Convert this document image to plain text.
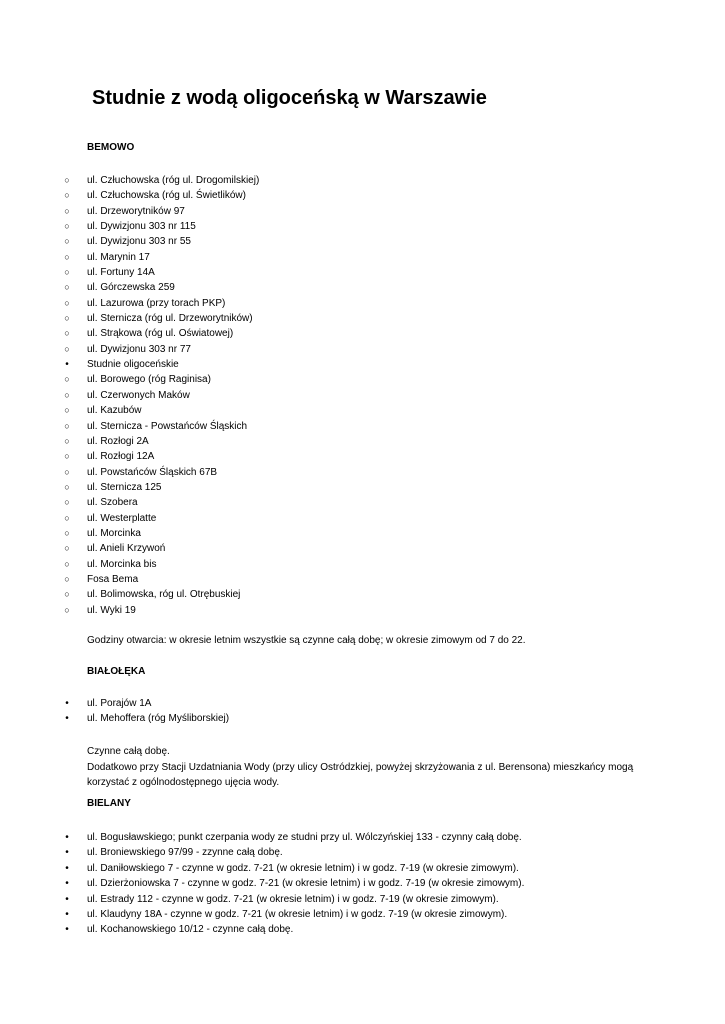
Studnie z wodą oligoceńską w Warszawie
BEMOWO
○ ul. Człuchowska (róg ul. Drogomilskiej)
○ ul. Człuchowska (róg ul. Świetlików)
○ ul. Drzeworytników 97
○ ul. Dywizjonu 303 nr 115
○ ul. Dywizjonu 303 nr 55
○ ul. Marynin 17
○ ul. Fortuny 14A
○ ul. Górczewska 259
○ ul. Lazurowa (przy torach PKP)
○ ul. Sternicza (róg ul. Drzeworytników)
○ ul. Strąkowa (róg ul. Oświatowej)
○ ul. Dywizjonu 303 nr 77
• Studnie oligoceńskie
○ ul. Borowego (róg Raginisa)
○ ul. Czerwonych Maków
○ ul. Kazubów
○ ul. Sternicza - Powstańców Śląskich
○ ul. Rozłogi 2A
○ ul. Rozłogi 12A
○ ul. Powstańców Śląskich 67B
○ ul. Sternicza 125
○ ul. Szobera
○ ul. Westerplatte
○ ul. Morcinka
○ ul. Anieli Krzywoń
○ ul. Morcinka bis
○ Fosa Bema
○ ul. Bolimowska, róg ul. Otrębuskiej
○ ul. Wyki 19
Godziny otwarcia: w okresie letnim wszystkie są czynne całą dobę; w okresie zimowym od 7 do 22.
BIAŁOŁĘKA
• ul. Porajów 1A
• ul. Mehoffera (róg Myśliborskiej)
Czynne całą dobę.
Dodatkowo przy Stacji Uzdatniania Wody (przy ulicy Ostródzkiej, powyżej skrzyżowania z ul. Berensona) mieszkańcy mogą
korzystać z ogólnodostępnego ujęcia wody.
BIELANY
• ul. Bogusławskiego; punkt czerpania wody ze studni przy ul. Wólczyńskiej 133 - czynny całą dobę.
• ul. Broniewskiego 97/99 - zzynne całą dobę.
• ul. Daniłowskiego 7 - czynne w godz. 7-21 (w okresie letnim) i w godz. 7-19 (w okresie zimowym).
• ul. Dzierżoniowska 7 - czynne w godz. 7-21 (w okresie letnim) i w godz. 7-19 (w okresie zimowym).
• ul. Estrady 112 - czynne w godz. 7-21 (w okresie letnim) i w godz. 7-19 (w okresie zimowym).
• ul. Klaudyny 18A - czynne w godz. 7-21 (w okresie letnim) i w godz. 7-19 (w okresie zimowym).
• ul. Kochanowskiego 10/12 - czynne całą dobę.
